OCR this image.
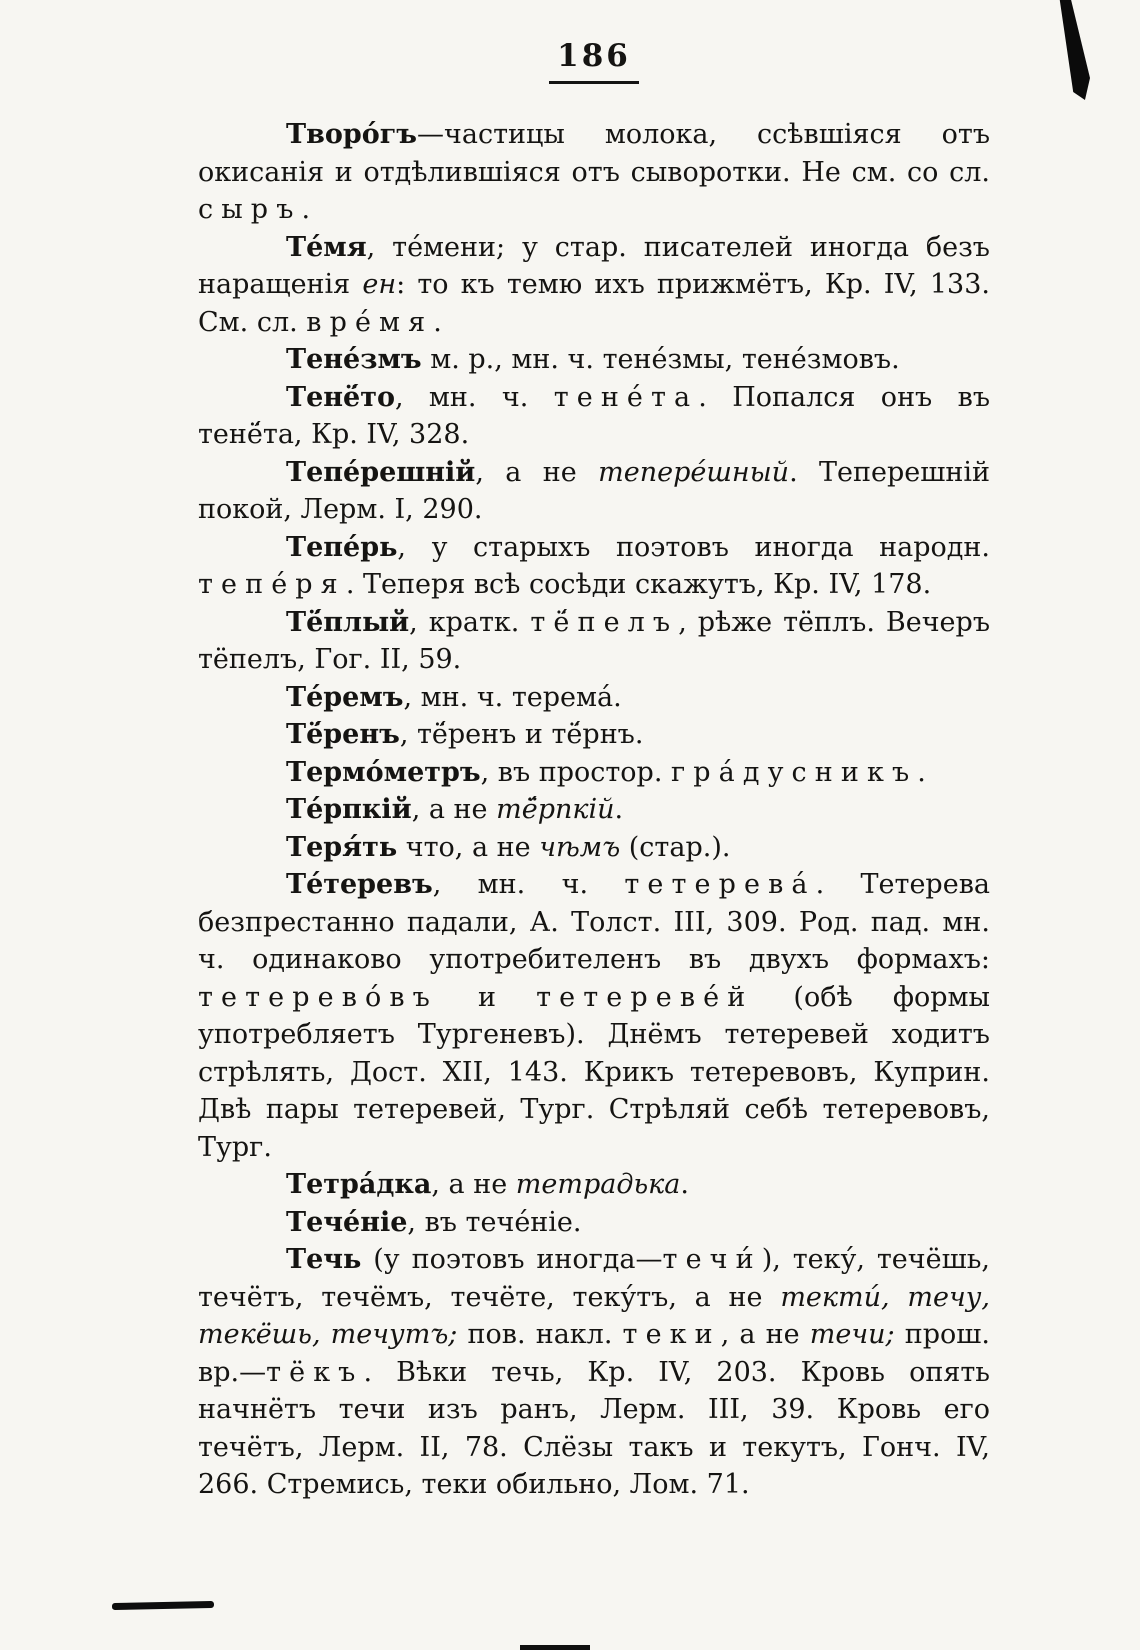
186

Творо́гъ—частицы молока, ссѣвшіяся отъ окисанія и отдѣлившіяся отъ сыворотки. Не см. со сл. сыръ.

Те́мя, те́мени; у стар. писателей иногда безъ наращенія ен: то къ темю ихъ прижмётъ, Кр. IV, 133. См. сл. вре́мя.

Тене́змъ м. р., мн. ч. тене́змы, тене́змовъ.

Тенё́то, мн. ч. тене́та. Попался онъ въ тенё́та, Кр. IV, 328.

Тепе́решній, а не тепере́шный. Теперешній покой, Лерм. I, 290.

Тепе́рь, у старыхъ поэтовъ иногда народн. тепе́ря. Теперя всѣ сосѣди скажутъ, Кр. IV, 178.

Тё́плый, кратк. тё́пелъ, рѣже тёплъ. Вечеръ тёпелъ, Гог. II, 59.

Те́ремъ, мн. ч. терема́.

Тё́ренъ, тё́ренъ и тё́рнъ.

Термо́метръ, въ простор. гра́дусникъ.

Те́рпкій, а не тё́рпкій.

Теря́ть что, а не чѣмъ (стар.).

Те́теревъ, мн. ч. тетерева́. Тетерева безпрестанно падали, А. Толст. III, 309. Род. пад. мн. ч. одинаково употребителенъ въ двухъ формахъ: тетерево́въ и тетереве́й (обѣ формы употребляетъ Тургеневъ). Днёмъ тетеревей ходитъ стрѣлять, Дост. XII, 143. Крикъ тетеревовъ, Куприн. Двѣ пары тетеревей, Тург. Стрѣляй себѣ тетеревовъ, Тург.

Тетра́дка, а не тетрадька.

Тече́ніе, въ тече́ніе.

Течь (у поэтовъ иногда—течи́), теку́, течёшь, течётъ, течёмъ, течёте, теку́тъ, а не текти́, течу, текёшь, течутъ; пов. накл. теки, а не течи; прош. вр.—тёкъ. Вѣки течь, Кр. IV, 203. Кровь опять начнётъ течи изъ ранъ, Лерм. III, 39. Кровь его течётъ, Лерм. II, 78. Слёзы такъ и текутъ, Гонч. IV, 266. Стремись, теки обильно, Лом. 71.
